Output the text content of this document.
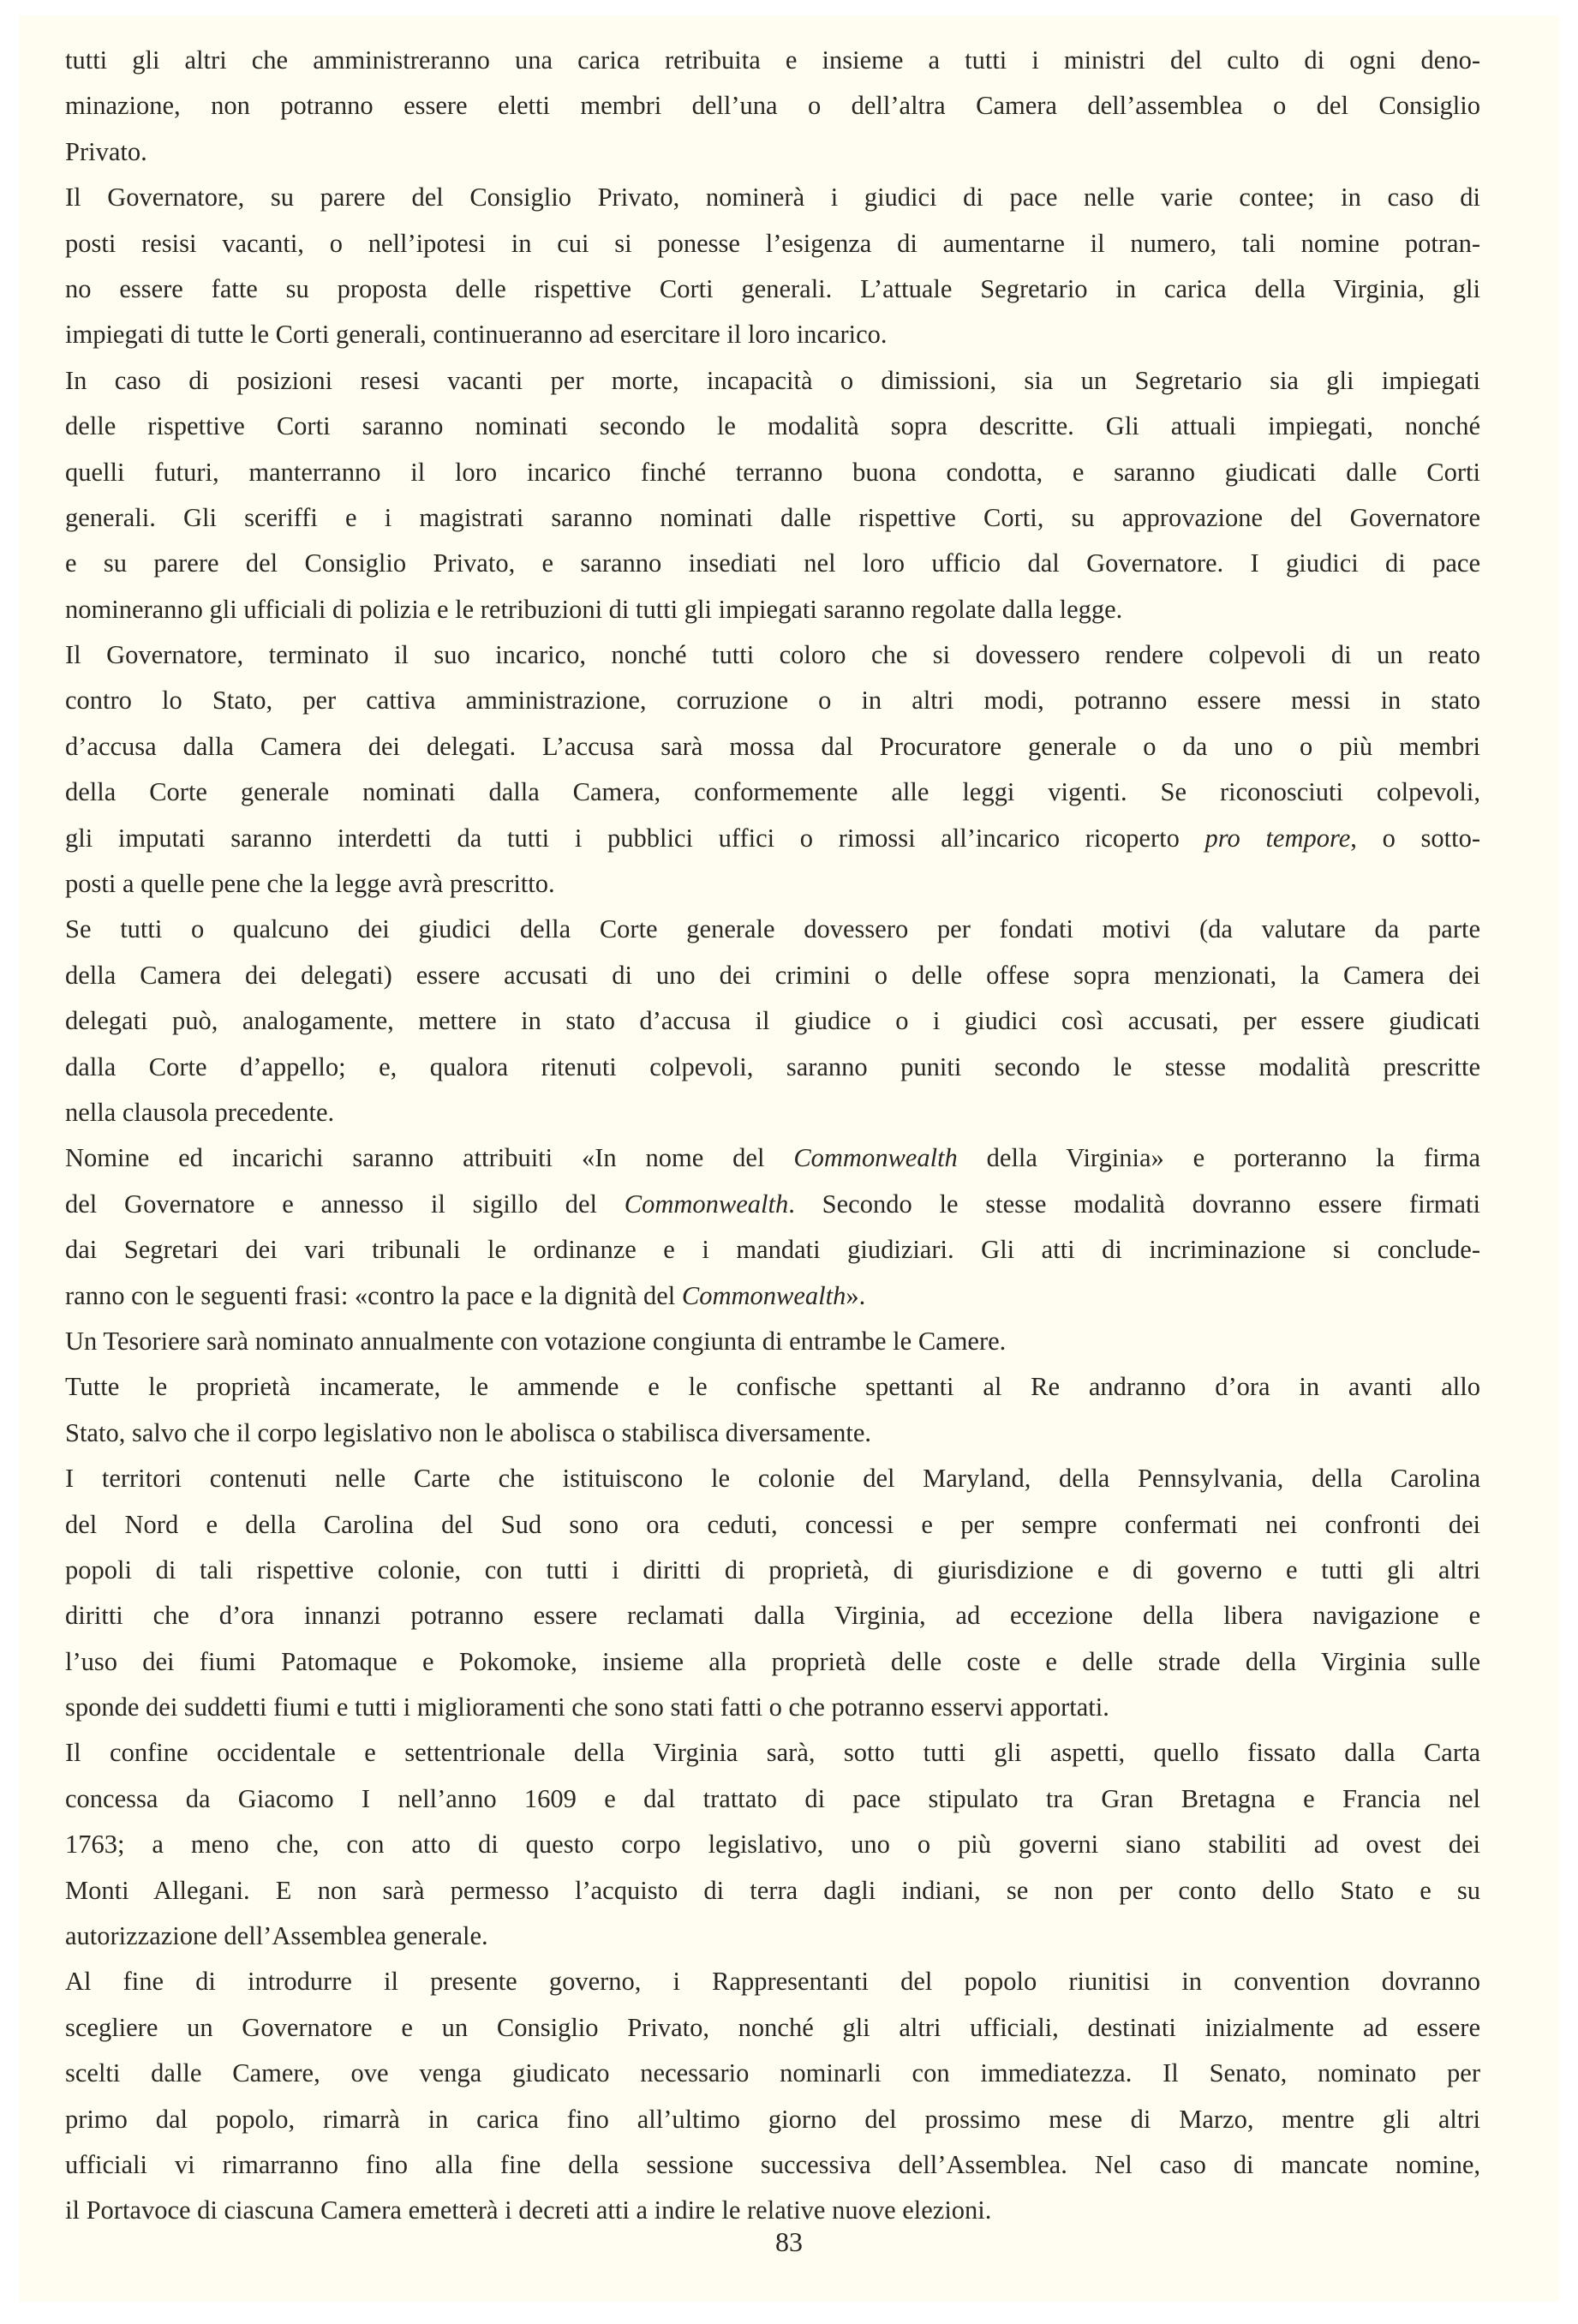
tutti gli altri che amministreranno una carica retribuita e insieme a tutti i ministri del culto di ogni deno-
minazione, non potranno essere eletti membri dell’una o dell’altra Camera dell’assemblea o del Consiglio
Privato.
Il Governatore, su parere del Consiglio Privato, nominerà i giudici di pace nelle varie contee; in caso di
posti resisi vacanti, o nell’ipotesi in cui si ponesse l’esigenza di aumentarne il numero, tali nomine potran-
no essere fatte su proposta delle rispettive Corti generali. L’attuale Segretario in carica della Virginia, gli
impiegati di tutte le Corti generali, continueranno ad esercitare il loro incarico.
In caso di posizioni resesi vacanti per morte, incapacità o dimissioni, sia un Segretario sia gli impiegati
delle rispettive Corti saranno nominati secondo le modalità sopra descritte. Gli attuali impiegati, nonché
quelli futuri, manterranno il loro incarico finché terranno buona condotta, e saranno giudicati dalle Corti
generali. Gli sceriffi e i magistrati saranno nominati dalle rispettive Corti, su approvazione del Governatore
e su parere del Consiglio Privato, e saranno insediati nel loro ufficio dal Governatore. I giudici di pace
nomineranno gli ufficiali di polizia e le retribuzioni di tutti gli impiegati saranno regolate dalla legge.
Il Governatore, terminato il suo incarico, nonché tutti coloro che si dovessero rendere colpevoli di un reato
contro lo Stato, per cattiva amministrazione, corruzione o in altri modi, potranno essere messi in stato
d’accusa dalla Camera dei delegati. L’accusa sarà mossa dal Procuratore generale o da uno o più membri
della Corte generale nominati dalla Camera, conformemente alle leggi vigenti. Se riconosciuti colpevoli,
gli imputati saranno interdetti da tutti i pubblici uffici o rimossi all’incarico ricoperto pro tempore, o sotto-
posti a quelle pene che la legge avrà prescritto.
Se tutti o qualcuno dei giudici della Corte generale dovessero per fondati motivi (da valutare da parte
della Camera dei delegati) essere accusati di uno dei crimini o delle offese sopra menzionati, la Camera dei
delegati può, analogamente, mettere in stato d’accusa il giudice o i giudici così accusati, per essere giudicati
dalla Corte d’appello; e, qualora ritenuti colpevoli, saranno puniti secondo le stesse modalità prescritte
nella clausola precedente.
Nomine ed incarichi saranno attribuiti «In nome del Commonwealth della Virginia» e porteranno la firma
del Governatore e annesso il sigillo del Commonwealth. Secondo le stesse modalità dovranno essere firmati
dai Segretari dei vari tribunali le ordinanze e i mandati giudiziari. Gli atti di incriminazione si conclude-
ranno con le seguenti frasi: «contro la pace e la dignità del Commonwealth».
Un Tesoriere sarà nominato annualmente con votazione congiunta di entrambe le Camere.
Tutte le proprietà incamerate, le ammende e le confische spettanti al Re andranno d’ora in avanti allo
Stato, salvo che il corpo legislativo non le abolisca o stabilisca diversamente.
I territori contenuti nelle Carte che istituiscono le colonie del Maryland, della Pennsylvania, della Carolina
del Nord e della Carolina del Sud sono ora ceduti, concessi e per sempre confermati nei confronti dei
popoli di tali rispettive colonie, con tutti i diritti di proprietà, di giurisdizione e di governo e tutti gli altri
diritti che d’ora innanzi potranno essere reclamati dalla Virginia, ad eccezione della libera navigazione e
l’uso dei fiumi Patomaque e Pokomoke, insieme alla proprietà delle coste e delle strade della Virginia sulle
sponde dei suddetti fiumi e tutti i miglioramenti che sono stati fatti o che potranno esservi apportati.
Il confine occidentale e settentrionale della Virginia sarà, sotto tutti gli aspetti, quello fissato dalla Carta
concessa da Giacomo I nell’anno 1609 e dal trattato di pace stipulato tra Gran Bretagna e Francia nel
1763; a meno che, con atto di questo corpo legislativo, uno o più governi siano stabiliti ad ovest dei
Monti Allegani. E non sarà permesso l’acquisto di terra dagli indiani, se non per conto dello Stato e su
autorizzazione dell’Assemblea generale.
Al fine di introdurre il presente governo, i Rappresentanti del popolo riunitisi in convention dovranno
scegliere un Governatore e un Consiglio Privato, nonché gli altri ufficiali, destinati inizialmente ad essere
scelti dalle Camere, ove venga giudicato necessario nominarli con immediatezza. Il Senato, nominato per
primo dal popolo, rimarrà in carica fino all’ultimo giorno del prossimo mese di Marzo, mentre gli altri
ufficiali vi rimarranno fino alla fine della sessione successiva dell’Assemblea. Nel caso di mancate nomine,
il Portavoce di ciascuna Camera emetterà i decreti atti a indire le relative nuove elezioni.
83
